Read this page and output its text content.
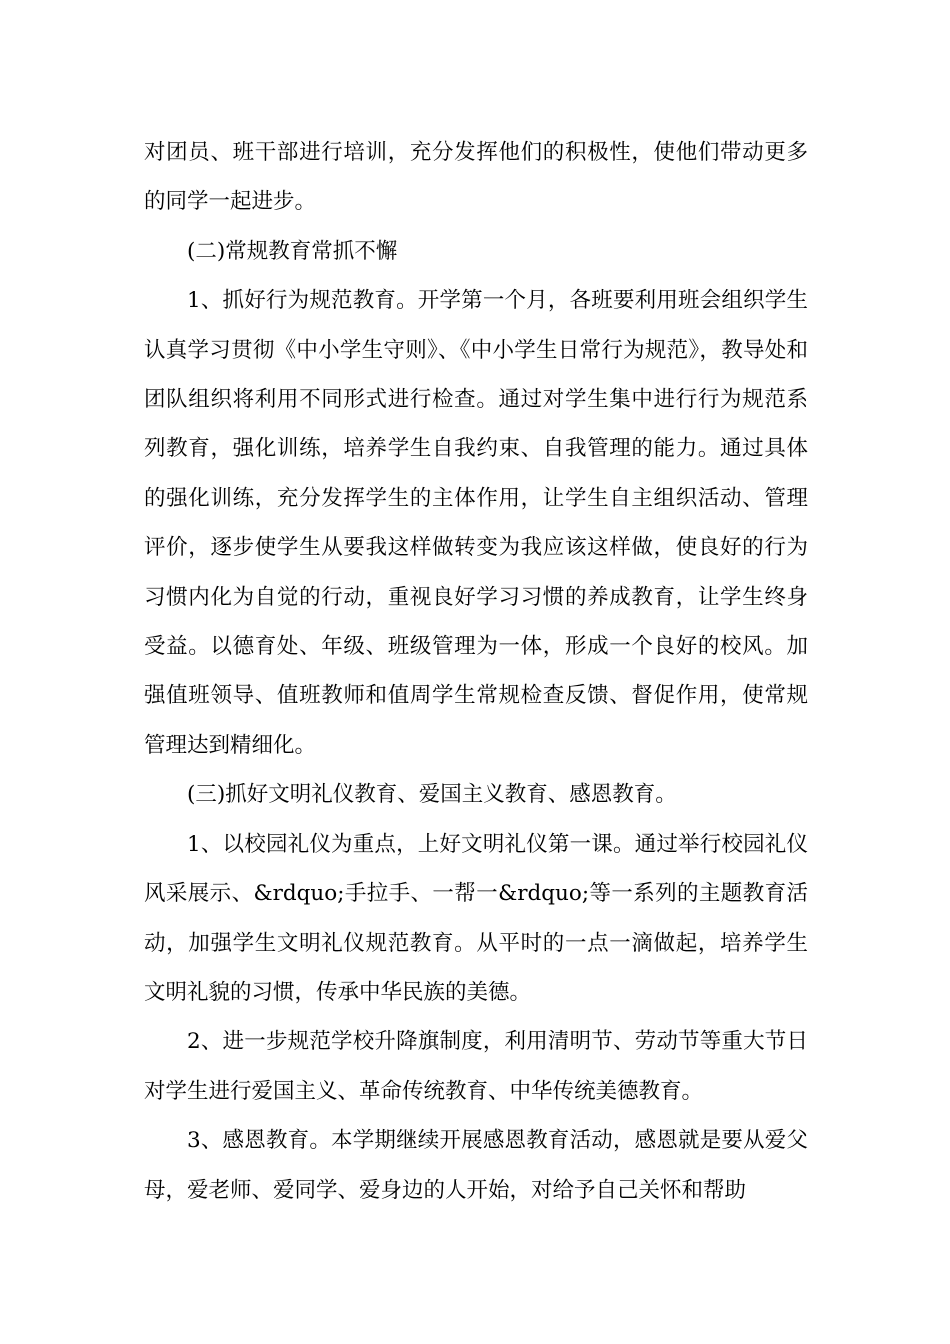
对团员、班干部进行培训，充分发挥他们的积极性，使他们带动更多的同学一起进步。

(二)常规教育常抓不懈

1、抓好行为规范教育。开学第一个月，各班要利用班会组织学生认真学习贯彻《中小学生守则》、《中小学生日常行为规范》，教导处和团队组织将利用不同形式进行检查。通过对学生集中进行行为规范系列教育，强化训练，培养学生自我约束、自我管理的能力。通过具体的强化训练，充分发挥学生的主体作用，让学生自主组织活动、管理评价，逐步使学生从要我这样做转变为我应该这样做，使良好的行为习惯内化为自觉的行动，重视良好学习习惯的养成教育，让学生终身受益。以德育处、年级、班级管理为一体，形成一个良好的校风。加强值班领导、值班教师和值周学生常规检查反馈、督促作用，使常规管理达到精细化。

(三)抓好文明礼仪教育、爱国主义教育、感恩教育。

1、以校园礼仪为重点，上好文明礼仪第一课。通过举行校园礼仪风采展示、&rdquo;手拉手、一帮一&rdquo;等一系列的主题教育活动，加强学生文明礼仪规范教育。从平时的一点一滴做起，培养学生文明礼貌的习惯，传承中华民族的美德。

2、进一步规范学校升降旗制度，利用清明节、劳动节等重大节日对学生进行爱国主义、革命传统教育、中华传统美德教育。

3、感恩教育。本学期继续开展感恩教育活动，感恩就是要从爱父母，爱老师、爱同学、爱身边的人开始，对给予自己关怀和帮助
